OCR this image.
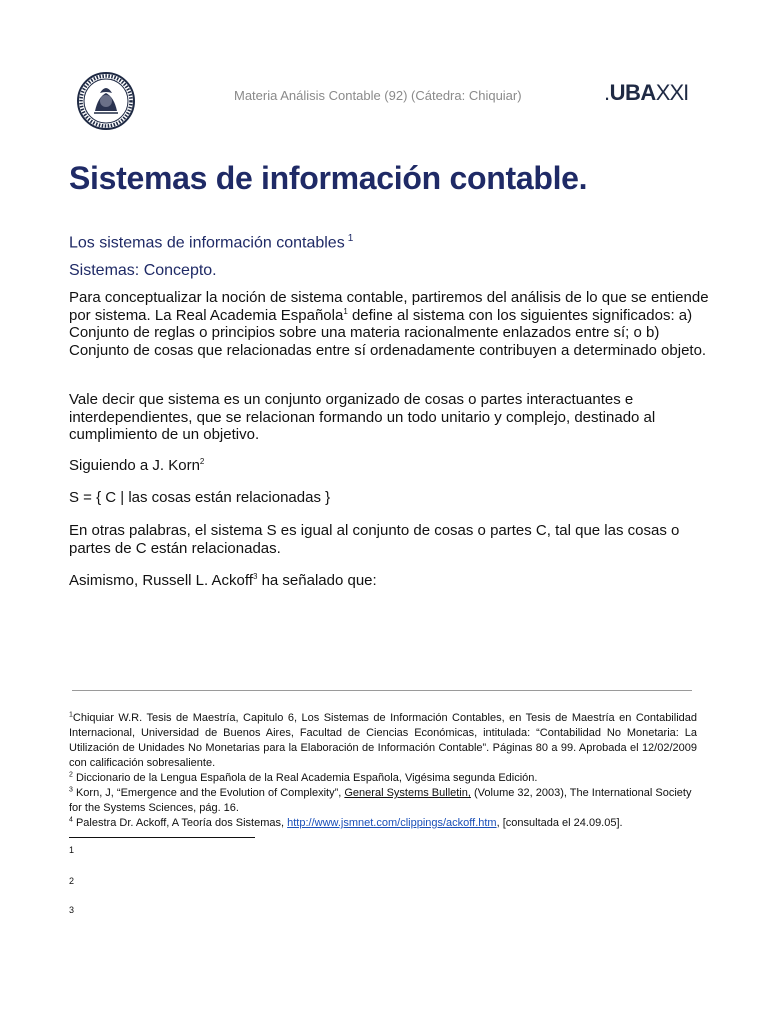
Materia Análisis Contable (92) (Cátedra: Chiquiar)	.UBAXXI
Sistemas de información contable.
Los sistemas de información contables $^1$
Sistemas: Concepto.

Para conceptualizar la noción de sistema contable, partiremos del análisis de lo que se entiende por sistema. La Real Academia Española$^1$ define al sistema con los siguientes significados: a) Conjunto de reglas o principios sobre una materia racionalmente enlazados entre sí; o b) Conjunto de cosas que relacionadas entre sí ordenadamente contribuyen a determinado objeto.

Vale decir que sistema es un conjunto organizado de cosas o partes interactuantes e interdependientes, que se relacionan formando un todo unitario y complejo, destinado al cumplimiento de un objetivo.

Siguiendo a J. Korn$^2$

S = { C | las cosas están relacionadas }

En otras palabras, el sistema S es igual al conjunto de cosas o partes C, tal que las cosas o partes de C están relacionadas.

Asimismo, Russell L. Ackoff$^3$ ha señalado que:

$^1$Chiquiar W.R. Tesis de Maestría, Capitulo 6, Los Sistemas de Información Contables, en Tesis de Maestría en Contabilidad Internacional, Universidad de Buenos Aires, Facultad de Ciencias Económicas, intitulada: “Contabilidad No Monetaria: La Utilización de Unidades No Monetarias para la Elaboración de Información Contable”. Páginas 80 a 99. Aprobada el 12/02/2009 con calificación sobresaliente.

$^2$ Diccionario de la Lengua Española de la Real Academia Española, Vigésima segunda Edición.

$^3$ Korn, J, “Emergence and the Evolution of Complexity”, General Systems Bulletin, (Volume 32, 2003), The International Society for the Systems Sciences, pág. 16.

$^4$ Palestra Dr. Ackoff, A Teoría dos Sistemas, http://www.jsmnet.com/clippings/ackoff.htm, [consultada el 24.09.05].

1
2
3
